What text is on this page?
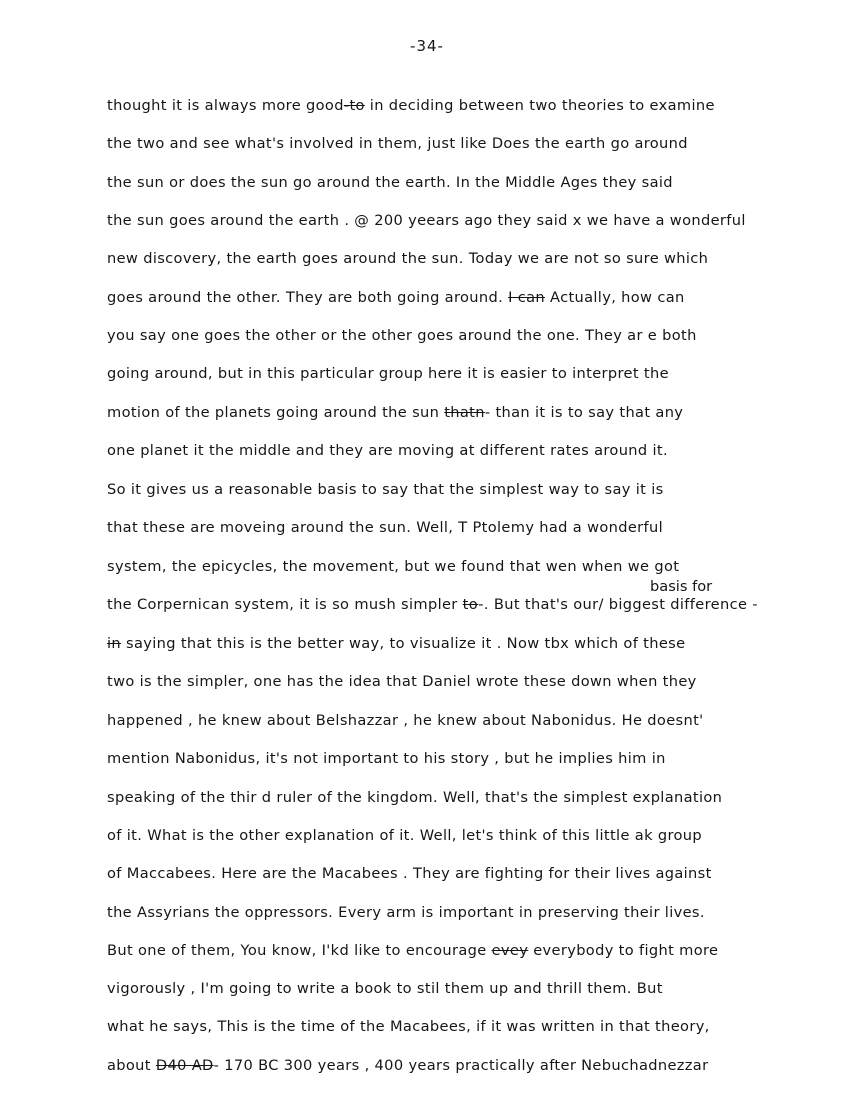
-34-
basis for
thought it is always more good-to in deciding between two theories to examine
the two and see what's involved in them, just like Does the earth go around
the sun or does the sun go around the earth. In the Middle Ages they said
the sun goes around the earth . @ 200 yeears ago they said x we have a wonderful
new discovery, the earth goes around the sun. Today we are not so sure which
goes around the other. They are both going around. I can Actually, how can
you say one goes the other or the other goes around the one. They ar e both
going around, but in this particular group here it is easier to interpret the
motion of the planets going around the sun thatn- than it is to say that any
one planet it the middle and they are moving at different rates around it.
So it gives us a reasonable basis to say that the simplest way to say it is
that these are moveing around the sun. Well, T Ptolemy had a wonderful
system, the epicycles, the movement, but we found that wen when we got
the Corpernican system, it is so mush simpler to-. But that's our/ biggest difference -
in saying that this is the better way, to visualize it . Now tbx which of these
two is the simpler, one has the idea that Daniel wrote these down when they
happened , he knew about Belshazzar , he knew about Nabonidus. He doesnt'
mention Nabonidus, it's not important to his story , but he implies him in
speaking of the thir d ruler of the kingdom. Well, that's the simplest explanation
of it. What is the other explanation of it. Well, let's think of this little ak group
of Maccabees. Here are the Macabees . They are fighting for their lives against
the Assyrians the oppressors. Every arm is important in preserving their lives.
But one of them, You know, I'kd like to encourage evey everybody to fight more
vigorously , I'm going to write a book to stil them up and thrill them. But
what he says, This is the time of the Macabees, if it was written in that theory,
about D40 AD- 170 BC 300 years , 400 years practically after Nebuchadnezzar
